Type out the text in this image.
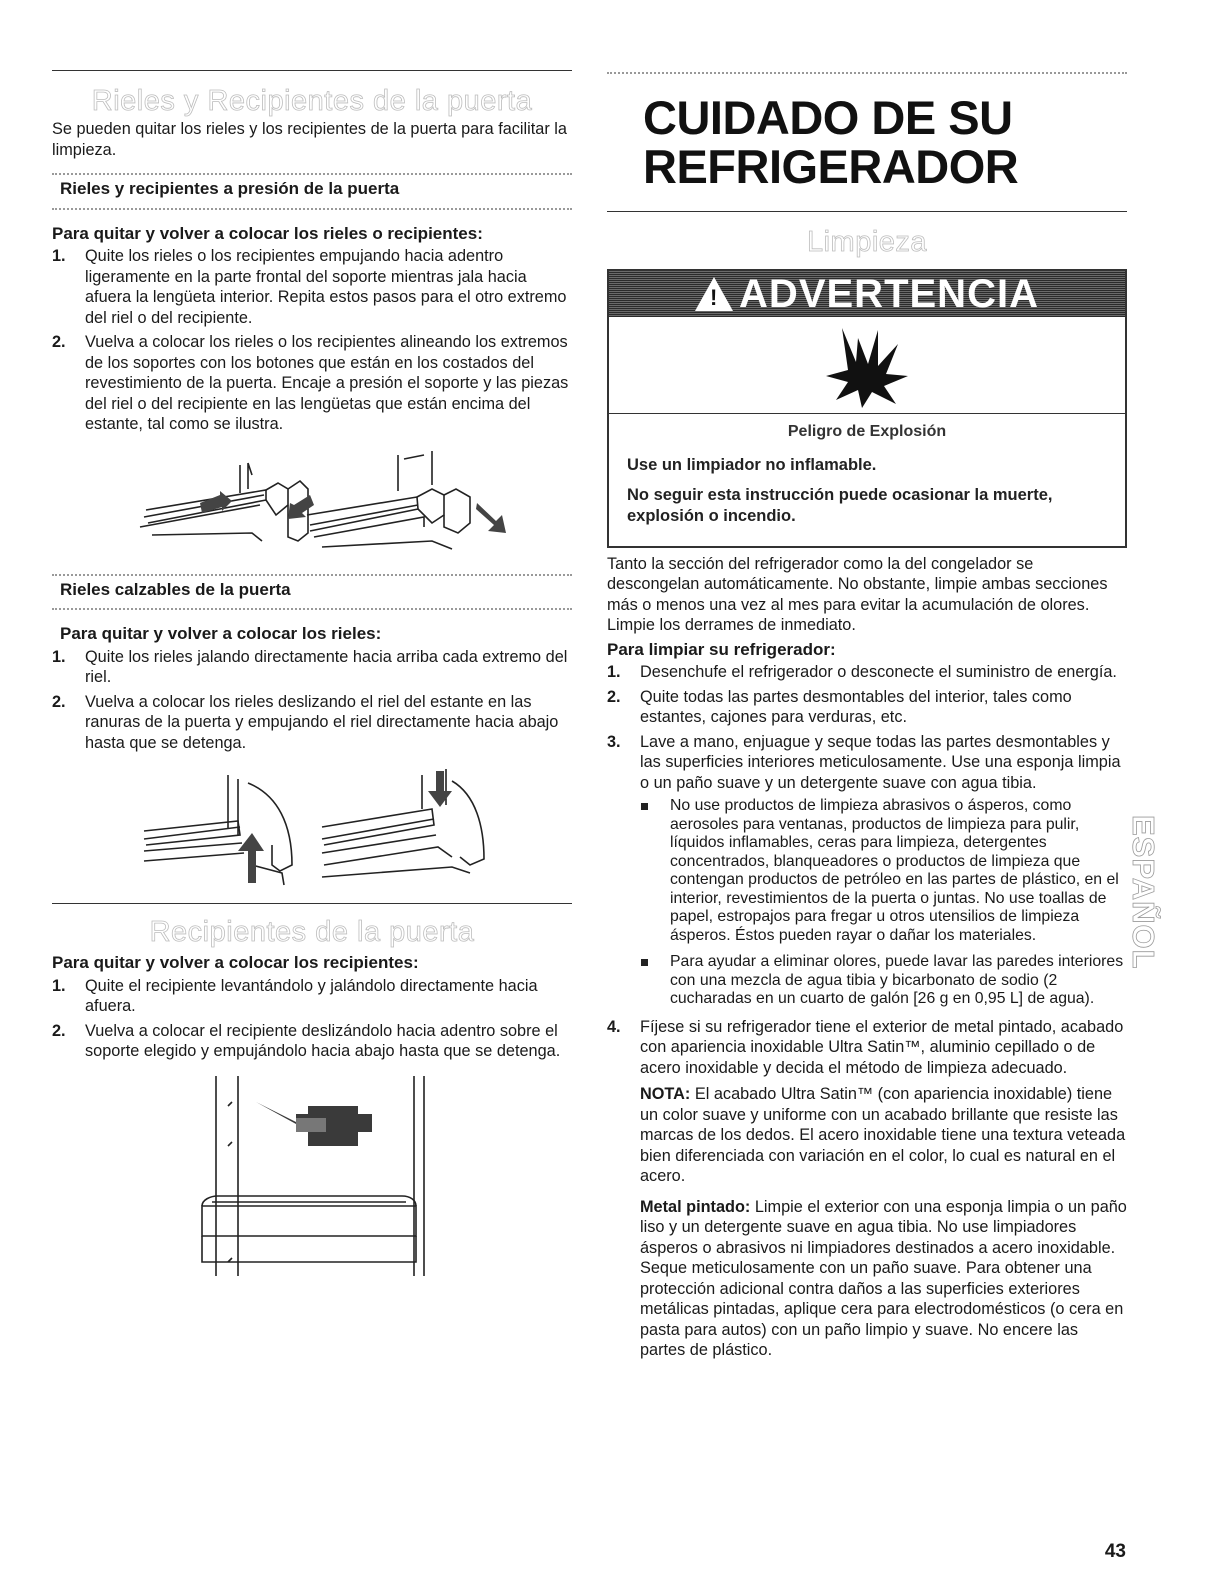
Rieles y Recipientes de la puerta

Se pueden quitar los rieles y los recipientes de la puerta para facilitar la limpieza.

Rieles y recipientes a presión de la puerta

Para quitar y volver a colocar los rieles o recipientes:

1. Quite los rieles o los recipientes empujando hacia adentro ligeramente en la parte frontal del soporte mientras jala hacia afuera la lengüeta interior. Repita estos pasos para el otro extremo del riel o del recipiente.
2. Vuelva a colocar los rieles o los recipientes alineando los extremos de los soportes con los botones que están en los costados del revestimiento de la puerta. Encaje a presión el soporte y las piezas del riel o del recipiente en las lengüetas que están encima del estante, tal como se ilustra.

Rieles calzables de la puerta

Para quitar y volver a colocar los rieles:

1. Quite los rieles jalando directamente hacia arriba cada extremo del riel.
2. Vuelva a colocar los rieles deslizando el riel del estante en las ranuras de la puerta y empujando el riel directamente hacia abajo hasta que se detenga.
Recipientes de la puerta

Para quitar y volver a colocar los recipientes:

1. Quite el recipiente levantándolo y jalándolo directamente hacia afuera.
2. Vuelva a colocar el recipiente deslizándolo hacia adentro sobre el soporte elegido y empujándolo hacia abajo hasta que se detenga.
CUIDADO DE SU
REFRIGERADOR
Limpieza
!
ADVERTENCIA

Peligro de Explosión

Use un limpiador no inflamable.

No seguir esta instrucción puede ocasionar la muerte, explosión o incendio.

Tanto la sección del refrigerador como la del congelador se descongelan automáticamente. No obstante, limpie ambas secciones más o menos una vez al mes para evitar la acumulación de olores. Limpie los derrames de inmediato.

Para limpiar su refrigerador:

1. Desenchufe el refrigerador o desconecte el suministro de energía.
2. Quite todas las partes desmontables del interior, tales como estantes, cajones para verduras, etc.
3. Lave a mano, enjuague y seque todas las partes desmontables y las superficies interiores meticulosamente. Use una esponja limpia o un paño suave y un detergente suave con agua tibia.
No use productos de limpieza abrasivos o ásperos, como aerosoles para ventanas, productos de limpieza para pulir, líquidos inflamables, ceras para limpieza, detergentes concentrados, blanqueadores o productos de limpieza que contengan productos de petróleo en las partes de plástico, en el interior, revestimientos de la puerta o juntas. No use toallas de papel, estropajos para fregar u otros utensilios de limpieza ásperos. Éstos pueden rayar o dañar los materiales.
Para ayudar a eliminar olores, puede lavar las paredes interiores con una mezcla de agua tibia y bicarbonato de sodio (2 cucharadas en un cuarto de galón [26 g en 0,95 L] de agua).
4. Fíjese si su refrigerador tiene el exterior de metal pintado, acabado con apariencia inoxidable Ultra Satin™, aluminio cepillado o de acero inoxidable y decida el método de limpieza adecuado.

NOTA: El acabado Ultra Satin™ (con apariencia inoxidable) tiene un color suave y uniforme con un acabado brillante que resiste las marcas de los dedos. El acero inoxidable tiene una textura veteada bien diferenciada con variación en el color, lo cual es natural en el acero.

Metal pintado: Limpie el exterior con una esponja limpia o un paño liso y un detergente suave en agua tibia. No use limpiadores ásperos o abrasivos ni limpiadores destinados a acero inoxidable. Seque meticulosamente con un paño suave. Para obtener una protección adicional contra daños a las superficies exteriores metálicas pintadas, aplique cera para electrodomésticos (o cera en pasta para autos) con un paño limpio y suave. No encere las partes de plástico.

ESPAÑOL
43
